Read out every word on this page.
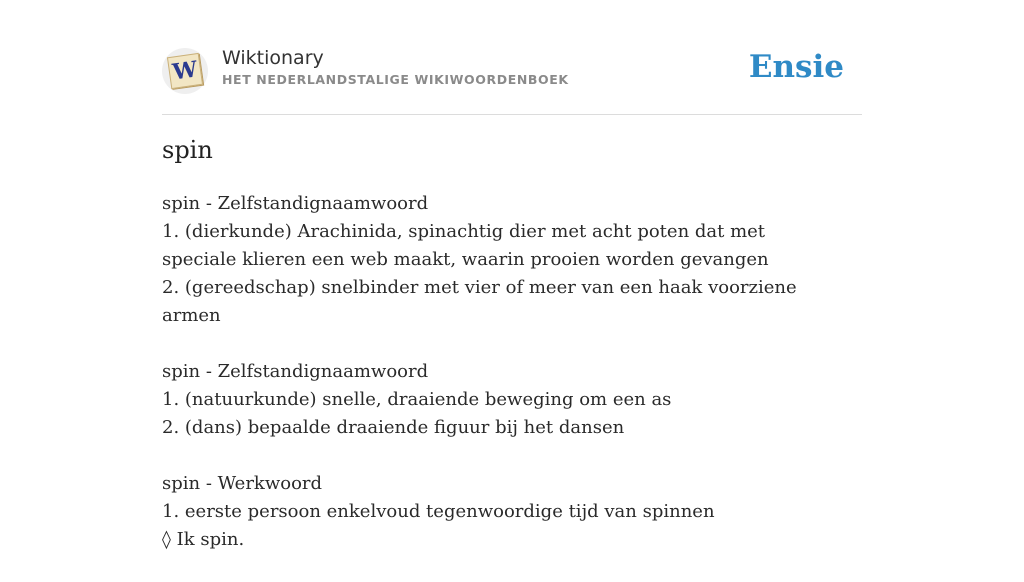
W Wiktionary
HET NEDERLANDSTALIGE WIKIWOORDENBOEK	Ensie
spin
spin - Zelfstandignaamwoord
1. (dierkunde) Arachinida, spinachtig dier met acht poten dat met speciale klieren een web maakt, waarin prooien worden gevangen
2. (gereedschap) snelbinder met vier of meer van een haak voorziene armen
spin - Zelfstandignaamwoord
1. (natuurkunde) snelle, draaiende beweging om een as
2. (dans) bepaalde draaiende figuur bij het dansen
spin - Werkwoord
1. eerste persoon enkelvoud tegenwoordige tijd van spinnen
◊ Ik spin.
